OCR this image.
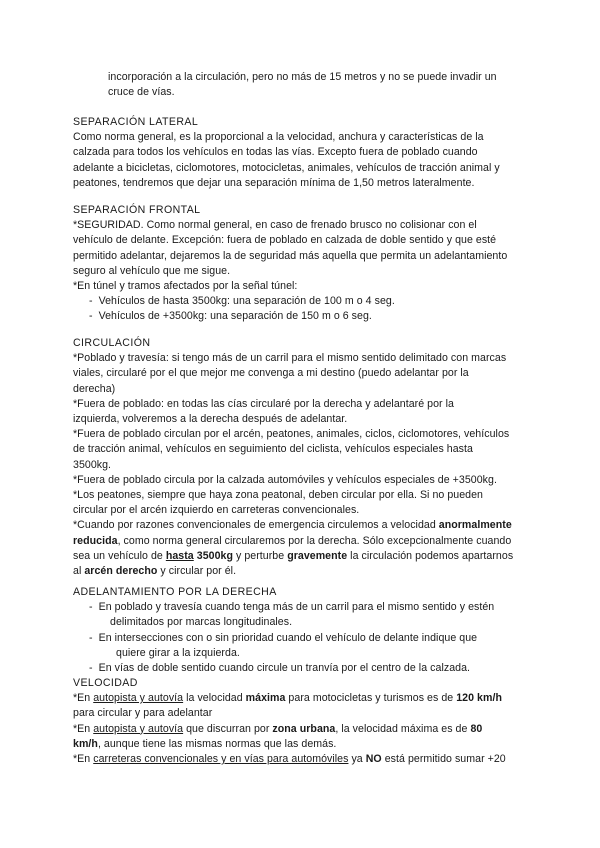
incorporación a la circulación, pero no más de 15 metros y no se puede invadir un

cruce de vías.

SEPARACIÓN LATERAL

Como norma general, es la proporcional a la velocidad, anchura y características de la

calzada para todos los vehículos en todas las vías. Excepto fuera de poblado cuando

adelante a bicicletas, ciclomotores, motocicletas, animales, vehículos de tracción animal y

peatones, tendremos que dejar una separación mínima de 1,50 metros lateralmente.

SEPARACIÓN FRONTAL

*SEGURIDAD. Como normal general, en caso de frenado brusco no colisionar con el

vehículo de delante. Excepción: fuera de poblado en calzada de doble sentido y que esté

permitido adelantar, dejaremos la de seguridad más aquella que permita un adelantamiento

seguro al vehículo que me sigue.

*En túnel y tramos afectados por la señal túnel:

- Vehículos de hasta 3500kg: una separación de 100 m o 4 seg.

- Vehículos de +3500kg: una separación de 150 m o 6 seg.

CIRCULACIÓN

*Poblado y travesía: si tengo más de un carril para el mismo sentido delimitado con marcas

viales, circularé por el que mejor me convenga a mi destino (puedo adelantar por la

derecha)

*Fuera de poblado: en todas las cías circularé por la derecha y adelantaré por la

izquierda, volveremos a la derecha después de adelantar.

*Fuera de poblado circulan por el arcén, peatones, animales, ciclos, ciclomotores, vehículos

de tracción animal, vehículos en seguimiento del ciclista, vehículos especiales hasta

3500kg.

*Fuera de poblado circula por la calzada automóviles y vehículos especiales de +3500kg.

*Los peatones, siempre que haya zona peatonal, deben circular por ella. Si no pueden

circular por el arcén izquierdo en carreteras convencionales.

*Cuando por razones convencionales de emergencia circulemos a velocidad anormalmente

reducida, como norma general circularemos por la derecha. Sólo excepcionalmente cuando

sea un vehículo de hasta 3500kg y perturbe gravemente la circulación podemos apartarnos

al arcén derecho y circular por él.

ADELANTAMIENTO POR LA DERECHA

- En poblado y travesía cuando tenga más de un carril para el mismo sentido y estén

delimitados por marcas longitudinales.

- En intersecciones con o sin prioridad cuando el vehículo de delante indique que

quiere girar a la izquierda.

- En vías de doble sentido cuando circule un tranvía por el centro de la calzada.

VELOCIDAD

*En autopista y autovía la velocidad máxima para motocicletas y turismos es de 120 km/h

para circular y para adelantar

*En autopista y autovía que discurran por zona urbana, la velocidad máxima es de 80

km/h, aunque tiene las mismas normas que las demás.

*En carreteras convencionales y en vías para automóviles ya NO está permitido sumar +20
